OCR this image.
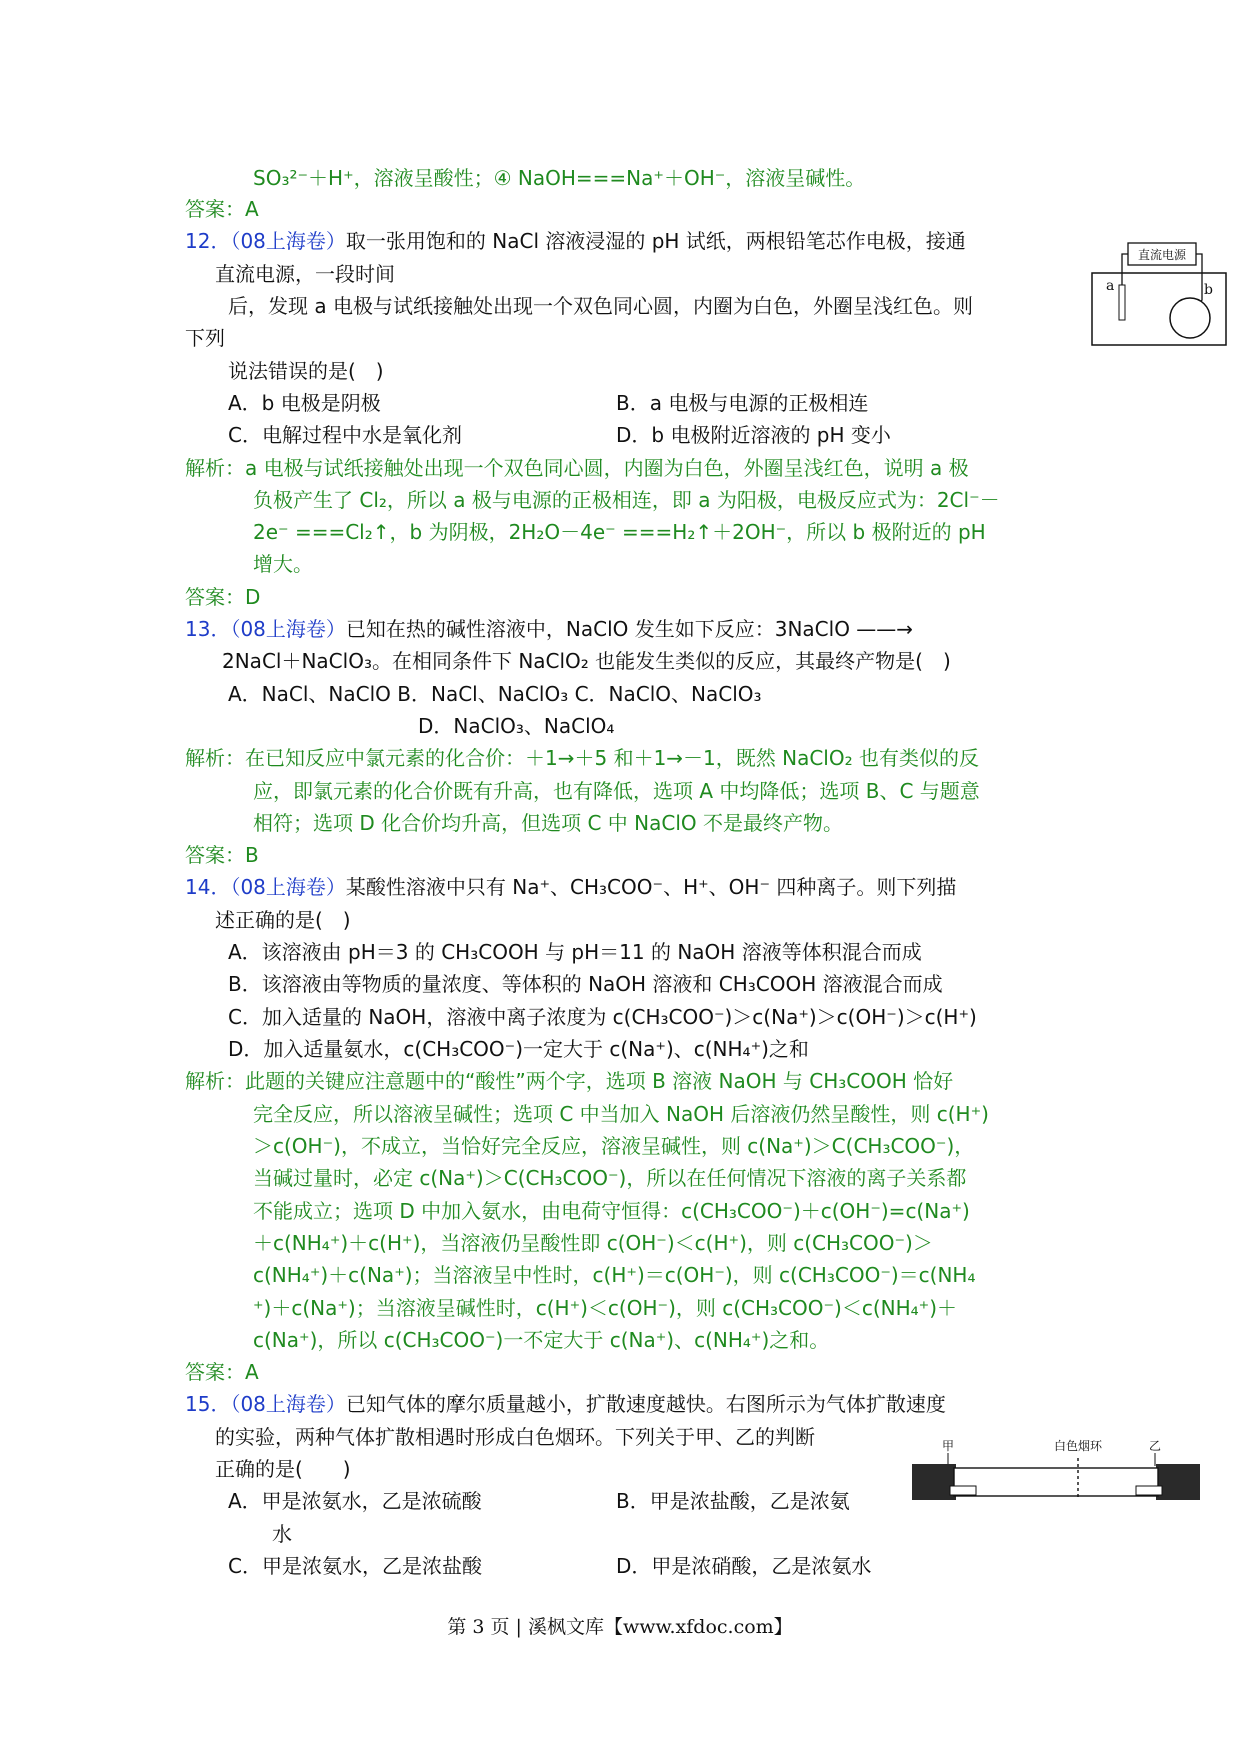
SO₃²⁻＋H⁺，溶液呈酸性；④ NaOH===Na⁺＋OH⁻，溶液呈碱性。
答案：A
12．（08上海卷）取一张用饱和的 NaCl 溶液浸湿的 pH 试纸，两根铅笔芯作电极，接通
直流电源，一段时间
后，发现 a 电极与试纸接触处出现一个双色同心圆，内圈为白色，外圈呈浅红色。则
下列
说法错误的是(　)
A．b 电极是阴极	B．a 电极与电源的正极相连
C．电解过程中水是氧化剂	D．b 电极附近溶液的 pH 变小
解析：a 电极与试纸接触处出现一个双色同心圆，内圈为白色，外圈呈浅红色，说明 a 极
负极产生了 Cl₂，所以 a 极与电源的正极相连，即 a 为阳极，电极反应式为：2Cl⁻－
2e⁻ ===Cl₂↑，b 为阴极，2H₂O－4e⁻ ===H₂↑＋2OH⁻，所以 b 极附近的 pH
增大。
答案：D
直流电源
a	b
13．（08上海卷）已知在热的碱性溶液中，NaClO 发生如下反应：3NaClO ——→
2NaCl＋NaClO₃。在相同条件下 NaClO₂ 也能发生类似的反应，其最终产物是(　)
A．NaCl、NaClO B．NaCl、NaClO₃ C．NaClO、NaClO₃
D．NaClO₃、NaClO₄
解析：在已知反应中氯元素的化合价：＋1→＋5 和＋1→－1，既然 NaClO₂ 也有类似的反
应，即氯元素的化合价既有升高，也有降低，选项 A 中均降低；选项 B、C 与题意
相符；选项 D 化合价均升高，但选项 C 中 NaClO 不是最终产物。
答案：B
14．（08上海卷）某酸性溶液中只有 Na⁺、CH₃COO⁻、H⁺、OH⁻ 四种离子。则下列描
述正确的是(　)
A．该溶液由 pH＝3 的 CH₃COOH 与 pH＝11 的 NaOH 溶液等体积混合而成
B．该溶液由等物质的量浓度、等体积的 NaOH 溶液和 CH₃COOH 溶液混合而成
C．加入适量的 NaOH，溶液中离子浓度为 c(CH₃COO⁻)＞c(Na⁺)＞c(OH⁻)＞c(H⁺)
D．加入适量氨水，c(CH₃COO⁻)一定大于 c(Na⁺)、c(NH₄⁺)之和
解析：此题的关键应注意题中的“酸性”两个字，选项 B 溶液 NaOH 与 CH₃COOH 恰好
完全反应，所以溶液呈碱性；选项 C 中当加入 NaOH 后溶液仍然呈酸性，则 c(H⁺)
＞c(OH⁻)，不成立，当恰好完全反应，溶液呈碱性，则 c(Na⁺)＞C(CH₃COO⁻)，
当碱过量时，必定 c(Na⁺)＞C(CH₃COO⁻)，所以在任何情况下溶液的离子关系都
不能成立；选项 D 中加入氨水，由电荷守恒得：c(CH₃COO⁻)＋c(OH⁻)=c(Na⁺)
＋c(NH₄⁺)＋c(H⁺)，当溶液仍呈酸性即 c(OH⁻)＜c(H⁺)，则 c(CH₃COO⁻)＞
c(NH₄⁺)＋c(Na⁺)；当溶液呈中性时，c(H⁺)＝c(OH⁻)，则 c(CH₃COO⁻)＝c(NH₄
⁺)＋c(Na⁺)；当溶液呈碱性时，c(H⁺)＜c(OH⁻)，则 c(CH₃COO⁻)＜c(NH₄⁺)＋
c(Na⁺)，所以 c(CH₃COO⁻)一不定大于 c(Na⁺)、c(NH₄⁺)之和。
答案：A
15．（08上海卷）已知气体的摩尔质量越小，扩散速度越快。右图所示为气体扩散速度
的实验，两种气体扩散相遇时形成白色烟环。下列关于甲、乙的判断
正确的是(　　)
A．甲是浓氨水，乙是浓硫酸	B．甲是浓盐酸，乙是浓氨
水
C．甲是浓氨水，乙是浓盐酸	D．甲是浓硝酸，乙是浓氨水
甲	白色烟环	乙
第 3 页 | 溪枫文库【www.xfdoc.com】
